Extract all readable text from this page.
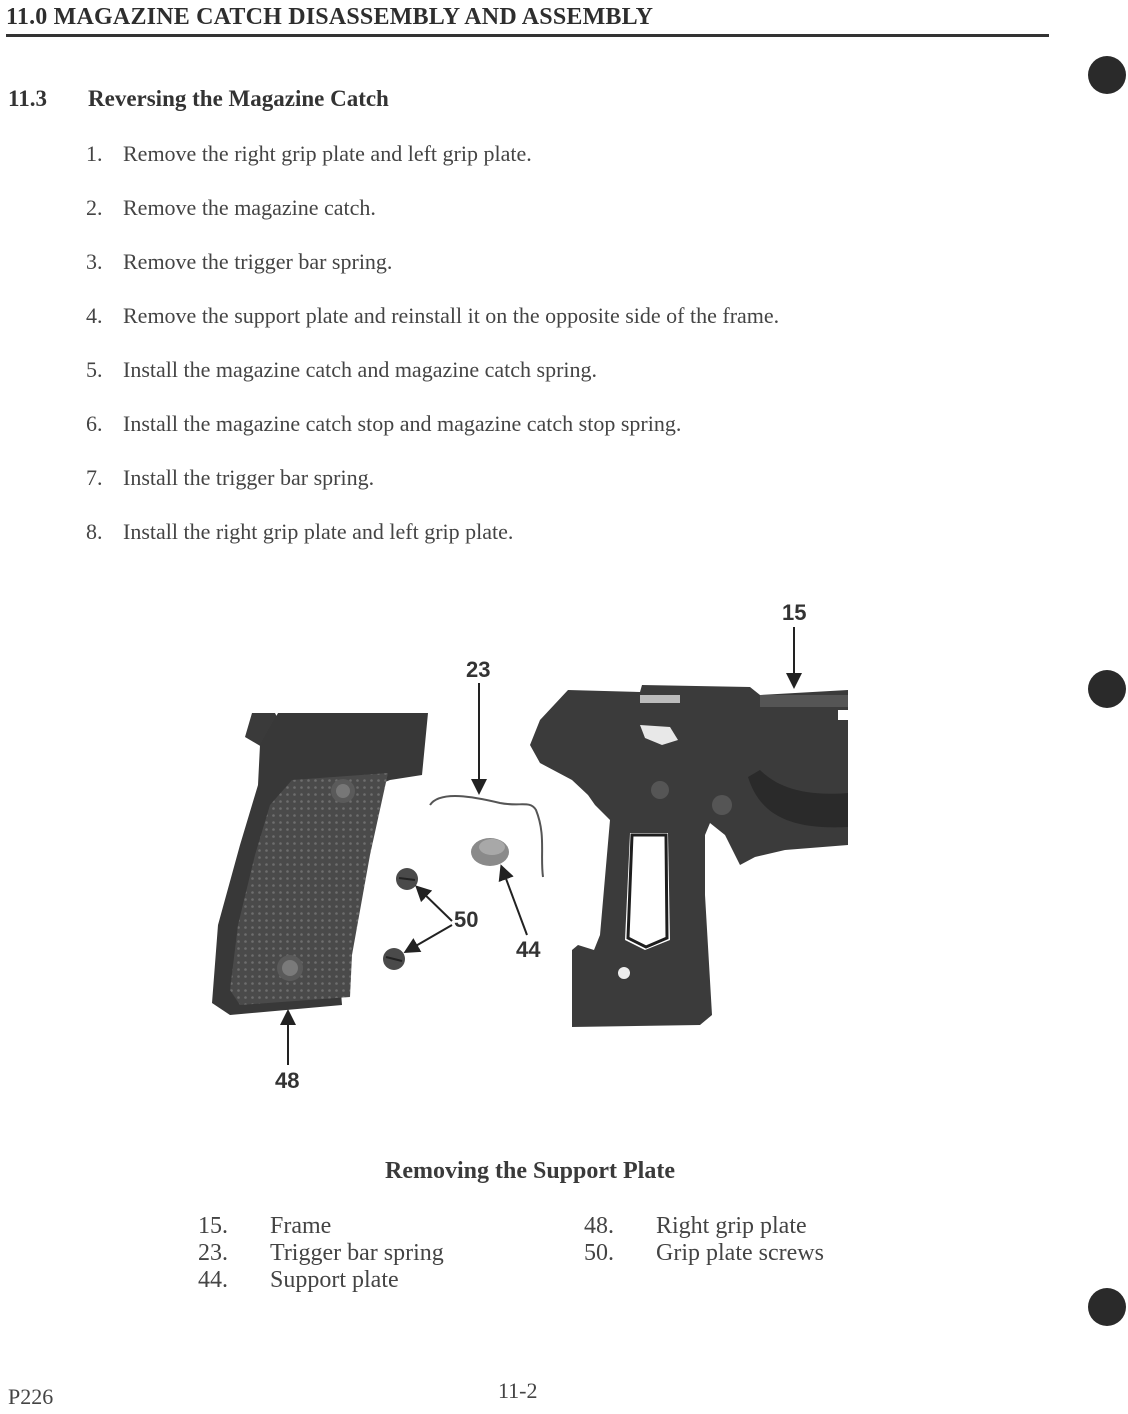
11.0 MAGAZINE CATCH DISASSEMBLY AND ASSEMBLY
11.3 Reversing the Magazine Catch
1. Remove the right grip plate and left grip plate.
2. Remove the magazine catch.
3. Remove the trigger bar spring.
4. Remove the support plate and reinstall it on the opposite side of the frame.
5. Install the magazine catch and magazine catch spring.
6. Install the magazine catch stop and magazine catch stop spring.
7. Install the trigger bar spring.
8. Install the right grip plate and left grip plate.
15
23
50
44
48
Removing the Support Plate
15. Frame
23. Trigger bar spring
44. Support plate
48. Right grip plate
50. Grip plate screws
P226	11-2
